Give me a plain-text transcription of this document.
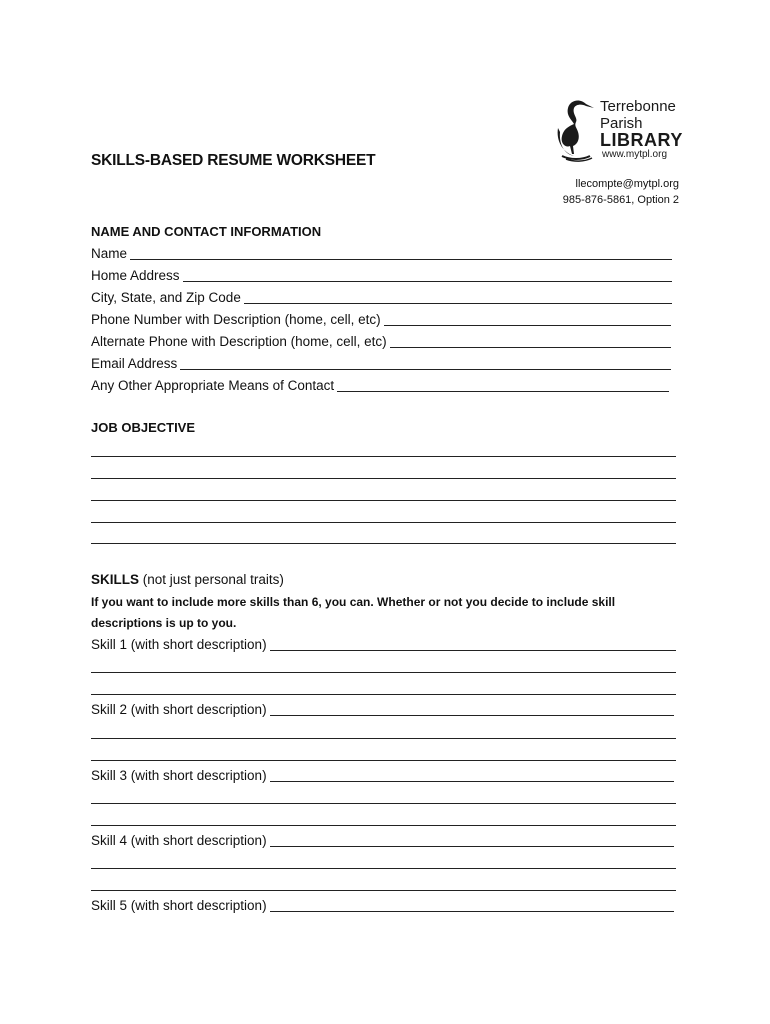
Terrebonne
Parish
LIBRARY
www.mytpl.org
SKILLS-BASED RESUME WORKSHEET
llecompte@mytpl.org
985-876-5861, Option 2
NAME AND CONTACT INFORMATION
Name
Home Address
City, State, and Zip Code
Phone Number with Description (home, cell, etc)
Alternate Phone with Description (home, cell, etc)
Email Address
Any Other Appropriate Means of Contact
JOB OBJECTIVE
SKILLS (not just personal traits)
If you want to include more skills than 6, you can. Whether or not you decide to include skill
descriptions is up to you.
Skill 1 (with short description)
Skill 2 (with short description)
Skill 3 (with short description)
Skill 4 (with short description)
Skill 5 (with short description)
